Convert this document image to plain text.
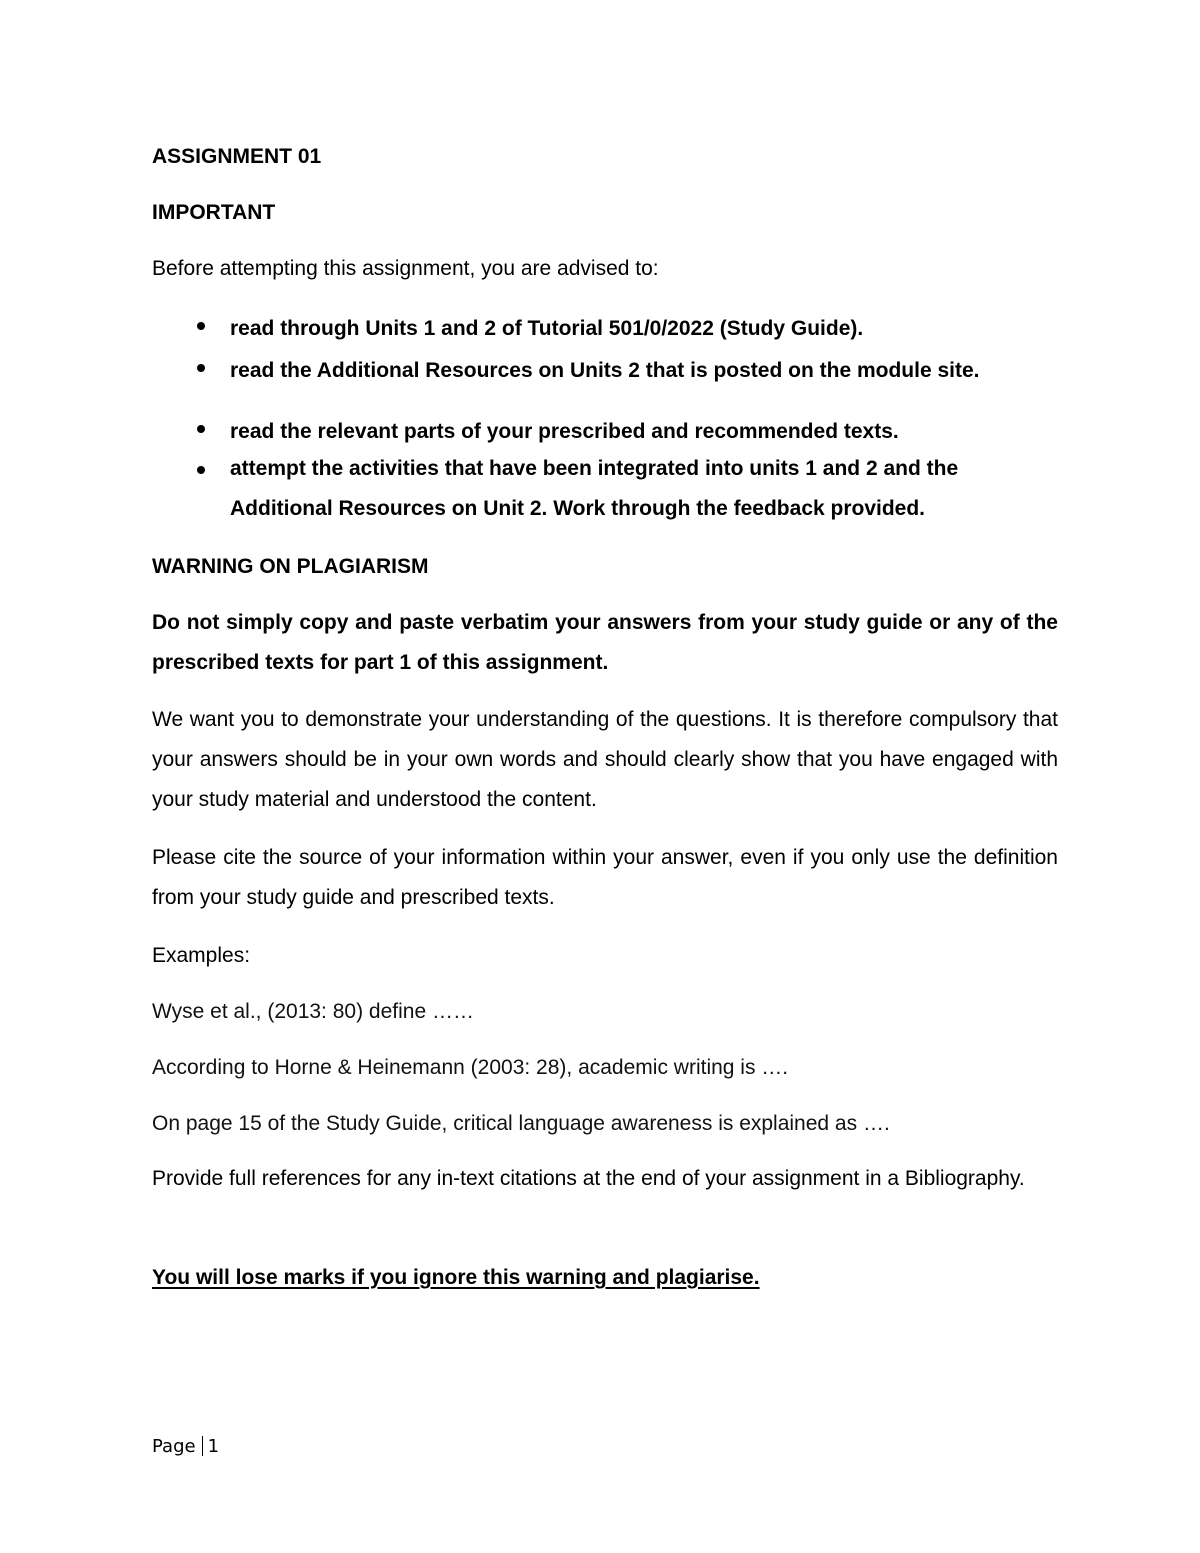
ASSIGNMENT 01
IMPORTANT
Before attempting this assignment, you are advised to:
read through Units 1 and 2 of Tutorial 501/0/2022 (Study Guide).
read the Additional Resources on Units 2 that is posted on the module site.
read the relevant parts of your prescribed and recommended texts.
attempt the activities that have been integrated into units 1 and 2 and the Additional Resources on Unit 2. Work through the feedback provided.
WARNING ON PLAGIARISM
Do not simply copy and paste verbatim your answers from your study guide or any of the prescribed texts for part 1 of this assignment.
We want you to demonstrate your understanding of the questions. It is therefore compulsory that your answers should be in your own words and should clearly show that you have engaged with your study material and understood the content.
Please cite the source of your information within your answer, even if you only use the definition from your study guide and prescribed texts.
Examples:
Wyse et al., (2013: 80) define ……
According to Horne & Heinemann (2003: 28), academic writing is ….
On page 15 of the Study Guide, critical language awareness is explained as ….
Provide full references for any in-text citations at the end of your assignment in a Bibliography.
You will lose marks if you ignore this warning and plagiarise.
Page 1
